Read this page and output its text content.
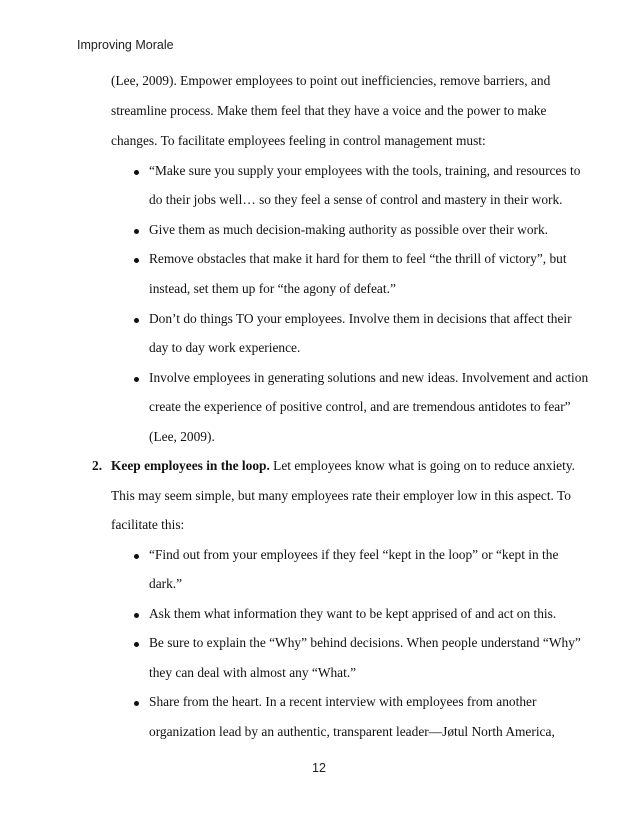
Improving Morale
(Lee, 2009). Empower employees to point out inefficiencies, remove barriers, and
streamline process. Make them feel that they have a voice and the power to make
changes. To facilitate employees feeling in control management must:
“Make sure you supply your employees with the tools, training, and resources to
do their jobs well… so they feel a sense of control and mastery in their work.
Give them as much decision-making authority as possible over their work.
Remove obstacles that make it hard for them to feel “the thrill of victory”, but
instead, set them up for “the agony of defeat.”
Don’t do things TO your employees. Involve them in decisions that affect their
day to day work experience.
Involve employees in generating solutions and new ideas. Involvement and action
create the experience of positive control, and are tremendous antidotes to fear”
(Lee, 2009).
2. Keep employees in the loop. Let employees know what is going on to reduce anxiety.
This may seem simple, but many employees rate their employer low in this aspect. To
facilitate this:
“Find out from your employees if they feel “kept in the loop” or “kept in the
dark.”
Ask them what information they want to be kept apprised of and act on this.
Be sure to explain the “Why” behind decisions. When people understand “Why”
they can deal with almost any “What.”
Share from the heart. In a recent interview with employees from another
organization lead by an authentic, transparent leader—Jøtul North America,
12
